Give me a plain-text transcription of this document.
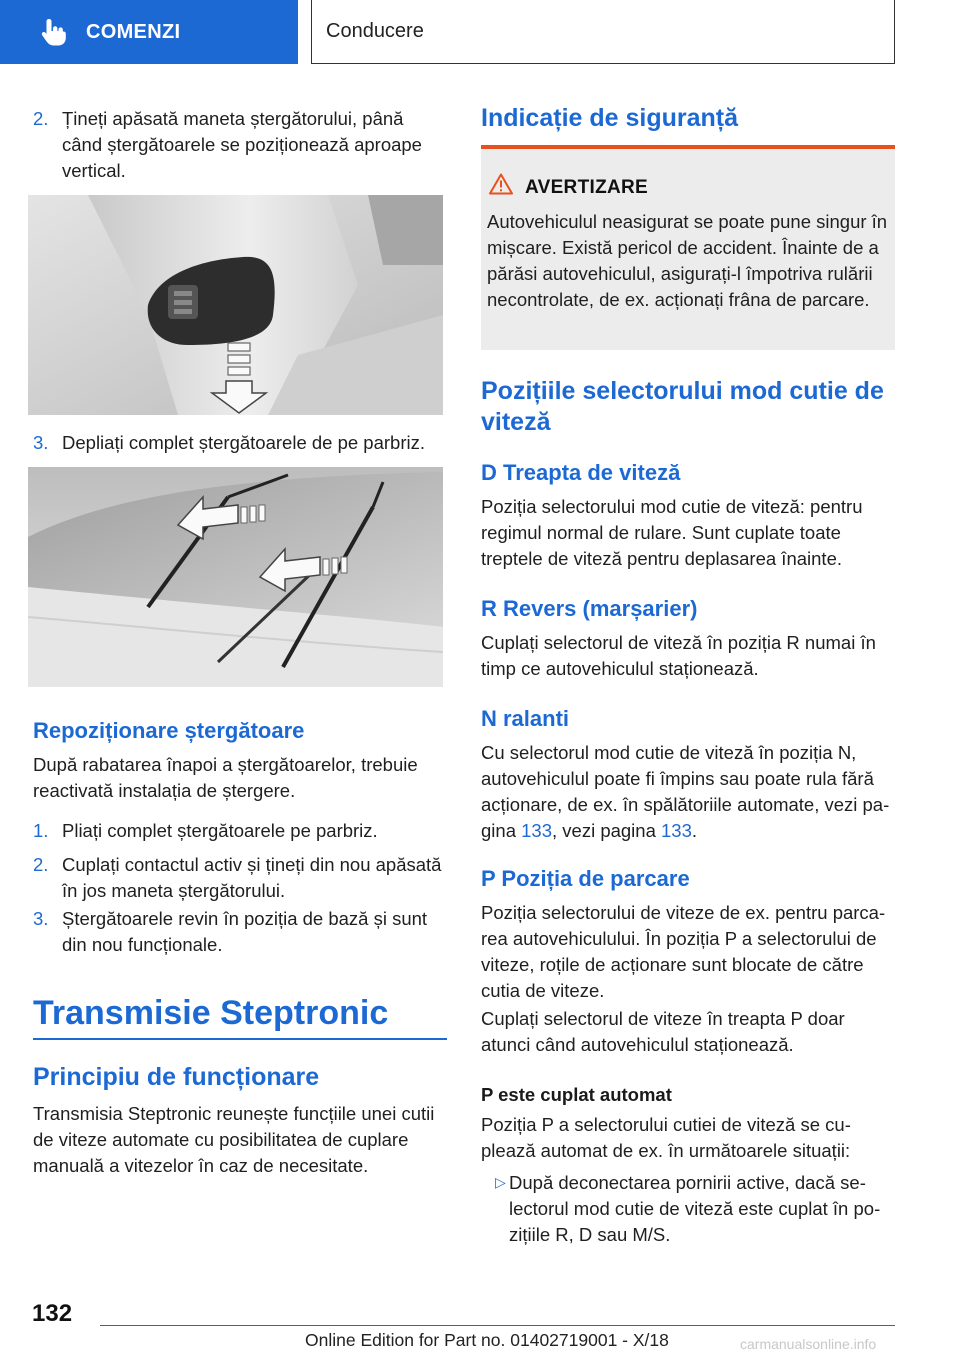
COMENZI	Conducere
2. Țineți apăsată maneta ștergătorului, până când ștergătoarele se poziționează aproape vertical.
3. Depliați complet ștergătoarele de pe parbriz.
Repoziționare ștergătoare
După rabatarea înapoi a ștergătoarelor, trebuie reactivată instalația de ștergere.
1. Pliați complet ștergătoarele pe parbriz.
2. Cuplați contactul activ și țineți din nou apăsată în jos maneta ștergătorului.
3. Ștergătoarele revin în poziția de bază și sunt din nou funcționale.
Transmisie Steptronic
Principiu de funcționare
Transmisia Steptronic reunește funcțiile unei cutii de viteze automate cu posibilitatea de cuplare manuală a vitezelor în caz de necesitate.
Indicație de siguranță
AVERTIZARE
Autovehiculul neasigurat se poate pune singur în mișcare. Există pericol de accident. Înainte de a părăsi autovehiculul, asigurați-l împotriva rulării necontrolate, de ex. acționați frâna de parcare.
Pozițiile selectorului mod cutie de viteză
D Treapta de viteză
Poziția selectorului mod cutie de viteză: pentru regimul normal de rulare. Sunt cuplate toate treptele de viteză pentru deplasarea înainte.
R Revers (marșarier)
Cuplați selectorul de viteză în poziția R numai în timp ce autovehiculul staționează.
N ralanti
Cu selectorul mod cutie de viteză în poziția N, autovehiculul poate fi împins sau poate rula fără acționare, de ex. în spălătoriile automate, vezi pagina 133, vezi pagina 133.
P Poziția de parcare
Poziția selectorului de viteze de ex. pentru parcarea autovehiculului. În poziția P a selectorului de viteze, roțile de acționare sunt blocate de către cutia de viteze.
Cuplați selectorul de viteze în treapta P doar atunci când autovehiculul staționează.
P este cuplat automat
Poziția P a selectorului cutiei de viteză se cuplează automat de ex. în următoarele situații:
▷ După deconectarea pornirii active, dacă selectorul mod cutie de viteză este cuplat în pozițiile R, D sau M/S.
132
Online Edition for Part no. 01402719001 - X/18	carmanualsonline.info
